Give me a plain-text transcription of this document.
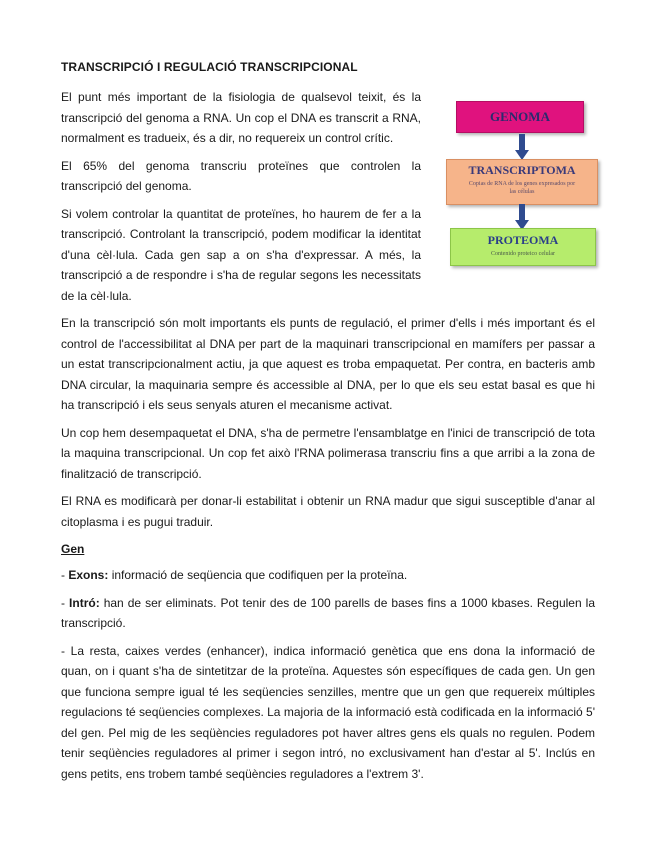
TRANSCRIPCIÓ I REGULACIÓ TRANSCRIPCIONAL
GENOMA
TRANSCRIPTOMA
Copias de RNA de los genes expresados por las células
PROTEOMA
Contenido proteico celular

El punt més important de la fisiologia de qualsevol teixit, és la transcripció del genoma a RNA. Un cop el DNA es transcrit a RNA, normalment es tradueix, és a dir, no requereix un control crític.

El 65% del genoma transcriu proteïnes que controlen la transcripció del genoma.

Si volem controlar la quantitat de proteïnes, ho haurem de fer a la transcripció. Controlant la transcripció, podem modificar la identitat d'una cèl·lula. Cada gen sap a on s'ha d'expressar. A més, la transcripció a de respondre i s'ha de regular segons les necessitats de la cèl·lula.

En la transcripció són molt importants els punts de regulació, el primer d'ells i més important és el control de l'accessibilitat al DNA per part de la maquinari transcripcional en mamífers per passar a un estat transcripcionalment actiu, ja que aquest es troba empaquetat. Per contra, en bacteris amb DNA circular, la maquinaria sempre és accessible al DNA, per lo que els seu estat basal es que hi ha transcripció i els seus senyals aturen el mecanisme activat.

Un cop hem desempaquetat el DNA, s'ha de permetre l'ensamblatge en l'inici de transcripció de tota la maquina transcripcional. Un cop fet això l'RNA polimerasa transcriu fins a que arribi a la zona de finalització de transcripció.

El RNA es modificarà per donar-li estabilitat i obtenir un RNA madur que sigui susceptible d'anar al citoplasma i es pugui traduir.

Gen

- Exons: informació de seqüencia que codifiquen per la proteïna.

- Intró: han de ser eliminats. Pot tenir des de 100 parells de bases fins a 1000 kbases. Regulen la transcripció.

- La resta, caixes verdes (enhancer), indica informació genètica que ens dona la informació de quan, on i quant s'ha de sintetitzar de la proteïna. Aquestes són específiques de cada gen. Un gen que funciona sempre igual té les seqüencies senzilles, mentre que un gen que requereix múltiples regulacions té seqüencies complexes. La majoria de la informació està codificada en la informació 5' del gen. Pel mig de les seqüències reguladores pot haver altres gens els quals no regulen. Podem tenir seqüències reguladores al primer i segon intró, no exclusivament han d'estar al 5'. Inclús en gens petits, ens trobem també seqüències reguladores a l'extrem 3'.
